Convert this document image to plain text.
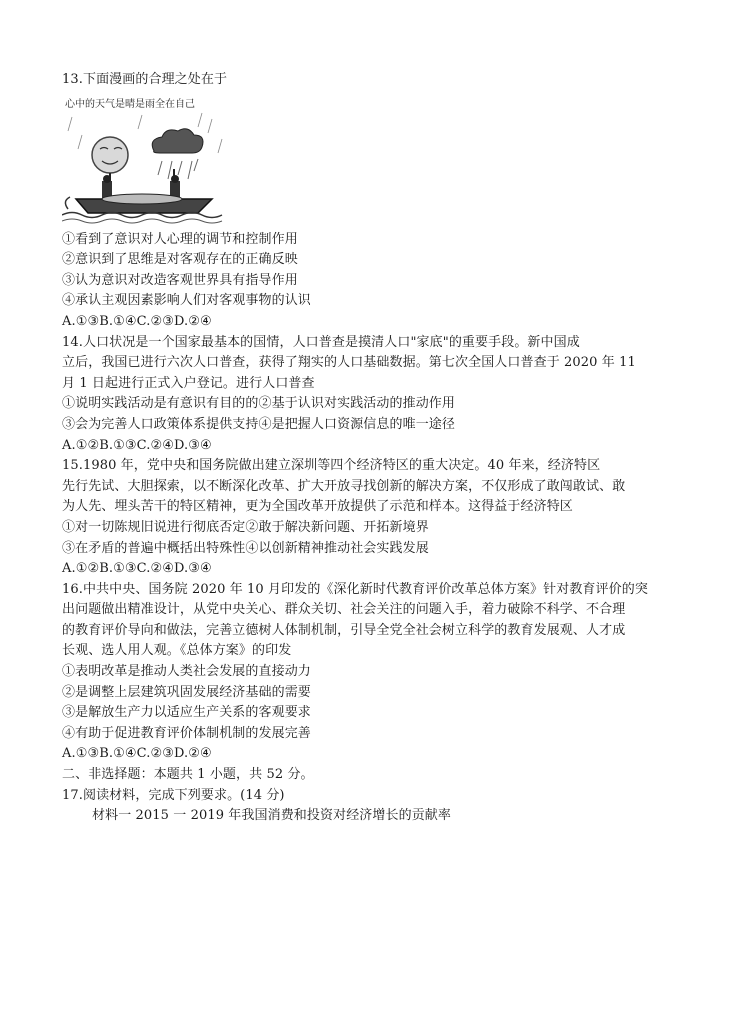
13.下面漫画的合理之处在于
心中的天气是晴是雨全在自己
①看到了意识对人心理的调节和控制作用
②意识到了思维是对客观存在的正确反映
③认为意识对改造客观世界具有指导作用
④承认主观因素影响人们对客观事物的认识
A.①③B.①④C.②③D.②④
14.人口状况是一个国家最基本的国情，人口普查是摸清人口"家底"的重要手段。新中国成
立后，我国已进行六次人口普查，获得了翔实的人口基础数据。第七次全国人口普查于 2020 年 11
月 1 日起进行正式入户登记。进行人口普查
①说明实践活动是有意识有目的的②基于认识对实践活动的推动作用
③会为完善人口政策体系提供支持④是把握人口资源信息的唯一途径
A.①②B.①③C.②④D.③④
15.1980 年，党中央和国务院做出建立深圳等四个经济特区的重大决定。40 年来，经济特区
先行先试、大胆探索，以不断深化改革、扩大开放寻找创新的解决方案，不仅形成了敢闯敢试、敢
为人先、埋头苦干的特区精神，更为全国改革开放提供了示范和样本。这得益于经济特区
①对一切陈规旧说进行彻底否定②敢于解决新问题、开拓新境界
③在矛盾的普遍中概括出特殊性④以创新精神推动社会实践发展
A.①②B.①③C.②④D.③④
16.中共中央、国务院 2020 年 10 月印发的《深化新时代教育评价改革总体方案》针对教育评价的突
出问题做出精准设计，从党中央关心、群众关切、社会关注的问题入手，着力破除不科学、不合理
的教育评价导向和做法，完善立德树人体制机制，引导全党全社会树立科学的教育发展观、人才成
长观、选人用人观。《总体方案》的印发
①表明改革是推动人类社会发展的直接动力
②是调整上层建筑巩固发展经济基础的需要
③是解放生产力以适应生产关系的客观要求
④有助于促进教育评价体制机制的发展完善
A.①③B.①④C.②③D.②④
二、非选择题：本题共 1 小题，共 52 分。
17.阅读材料，完成下列要求。(14 分)
材料一 2015 一 2019 年我国消费和投资对经济增长的贡献率
